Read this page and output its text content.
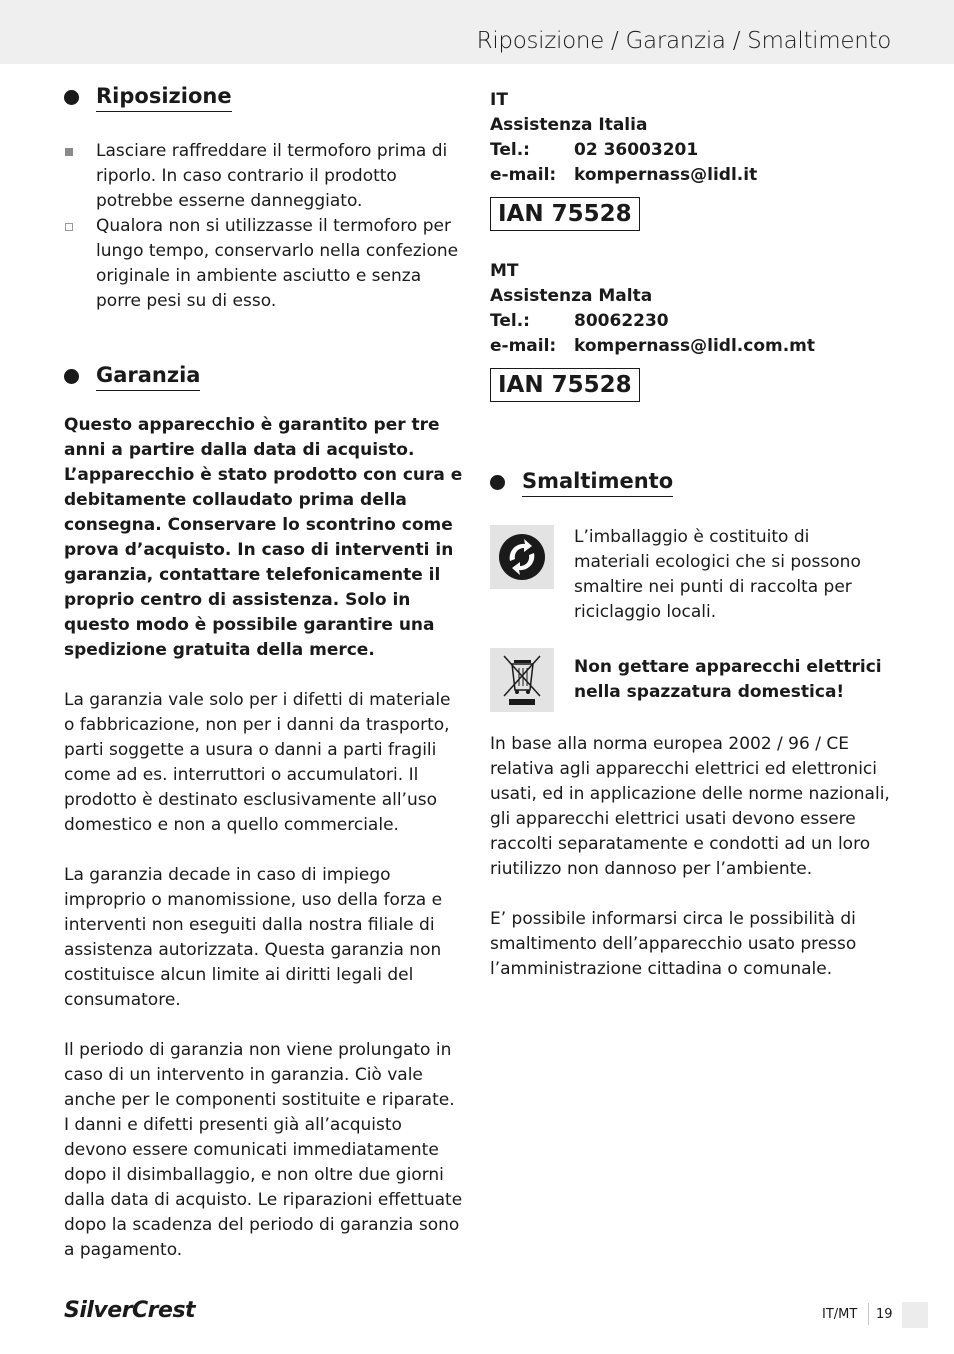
Riposizione / Garanzia / Smaltimento
Riposizione
Lasciare raffreddare il termoforo prima di riporlo. In caso contrario il prodotto potrebbe esserne danneggiato.
Qualora non si utilizzasse il termoforo per lungo tempo, conservarlo nella confezione originale in ambiente asciutto e senza porre pesi su di esso.
Garanzia

Questo apparecchio è garantito per tre anni a partire dalla data di acquisto. L’apparecchio è stato prodotto con cura e debitamente collaudato prima della consegna. Conservare lo scontrino come prova d’acquisto. In caso di interventi in garanzia, contattare telefonicamente il proprio centro di assistenza. Solo in questo modo è possibile garantire una spedizione gratuita della merce.

La garanzia vale solo per i difetti di materiale o fabbricazione, non per i danni da trasporto, parti soggette a usura o danni a parti fragili come ad es. interruttori o accumulatori. Il prodotto è destinato esclusivamente all’uso domestico e non a quello commerciale.

La garanzia decade in caso di impiego improprio o manomissione, uso della forza e interventi non eseguiti dalla nostra filiale di assistenza autorizzata. Questa garanzia non costituisce alcun limite ai diritti legali del consumatore.

Il periodo di garanzia non viene prolungato in caso di un intervento in garanzia. Ciò vale anche per le componenti sostituite e riparate. I danni e difetti presenti già all’acquisto devono essere comunicati immediatamente dopo il disimballaggio, e non oltre due giorni dalla data di acquisto. Le riparazioni effettuate dopo la scadenza del periodo di garanzia sono a pagamento.

IT
Assistenza Italia
Tel.:	02 36003201
e-mail:	kompernass@lidl.it
IAN 75528
MT
Assistenza Malta
Tel.:	80062230
e-mail:	kompernass@lidl.com.mt
IAN 75528
Smaltimento
L’imballaggio è costituito di materiali ecologici che si possono smaltire nei punti di raccolta per riciclaggio locali.
Non gettare apparecchi elettrici nella spazzatura domestica!

In base alla norma europea 2002 / 96 / CE relativa agli apparecchi elettrici ed elettronici usati, ed in applicazione delle norme nazionali, gli apparecchi elettrici usati devono essere raccolti separatamente e condotti ad un loro riutilizzo non dannoso per l’ambiente.

E’ possibile informarsi circa le possibilità di smaltimento dell’apparecchio usato presso l’amministrazione cittadina o comunale.

SilverCrest	IT/MT 19
